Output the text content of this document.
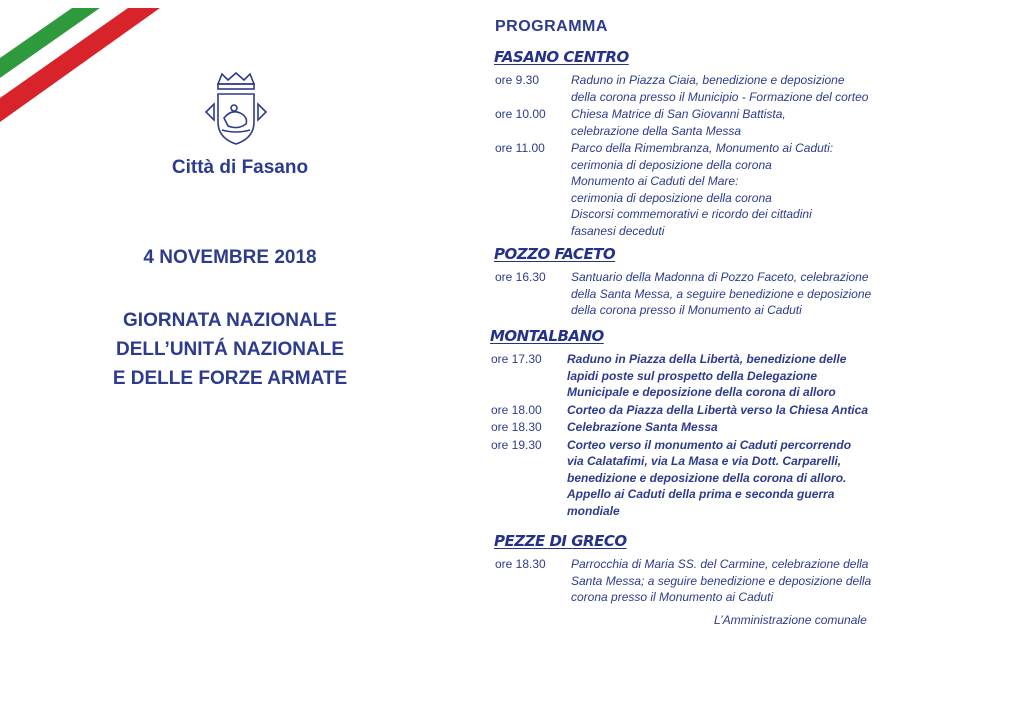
Città di Fasano
4 NOVEMBRE 2018
GIORNATA NAZIONALE
DELL’UNITÁ NAZIONALE
E DELLE FORZE ARMATE
PROGRAMMA
FASANO CENTRO
ore 9.30	Raduno in Piazza Ciaia, benedizione e deposizione
della corona presso il Municipio - Formazione del corteo
ore 10.00	Chiesa Matrice di San Giovanni Battista,
celebrazione della Santa Messa
ore 11.00	Parco della Rimembranza, Monumento ai Caduti:
cerimonia di deposizione della corona
Monumento ai Caduti del Mare:
cerimonia di deposizione della corona
Discorsi commemorativi e ricordo dei cittadini
fasanesi deceduti
POZZO FACETO
ore 16.30	Santuario della Madonna di Pozzo Faceto, celebrazione
della Santa Messa, a seguire benedizione e deposizione
della corona presso il Monumento ai Caduti
MONTALBANO
ore 17.30	Raduno in Piazza della Libertà, benedizione delle
lapidi poste sul prospetto della Delegazione
Municipale e deposizione della corona di alloro
ore 18.00	Corteo da Piazza della Libertà verso la Chiesa Antica
ore 18.30	Celebrazione Santa Messa
ore 19.30	Corteo verso il monumento ai Caduti percorrendo
via Calatafimi, via La Masa e via Dott. Carparelli,
benedizione e deposizione della corona di alloro.
Appello ai Caduti della prima e seconda guerra
mondiale
PEZZE DI GRECO
ore 18.30	Parrocchia di Maria SS. del Carmine, celebrazione della
Santa Messa; a seguire benedizione e deposizione della
corona presso il Monumento ai Caduti
L’Amministrazione comunale
